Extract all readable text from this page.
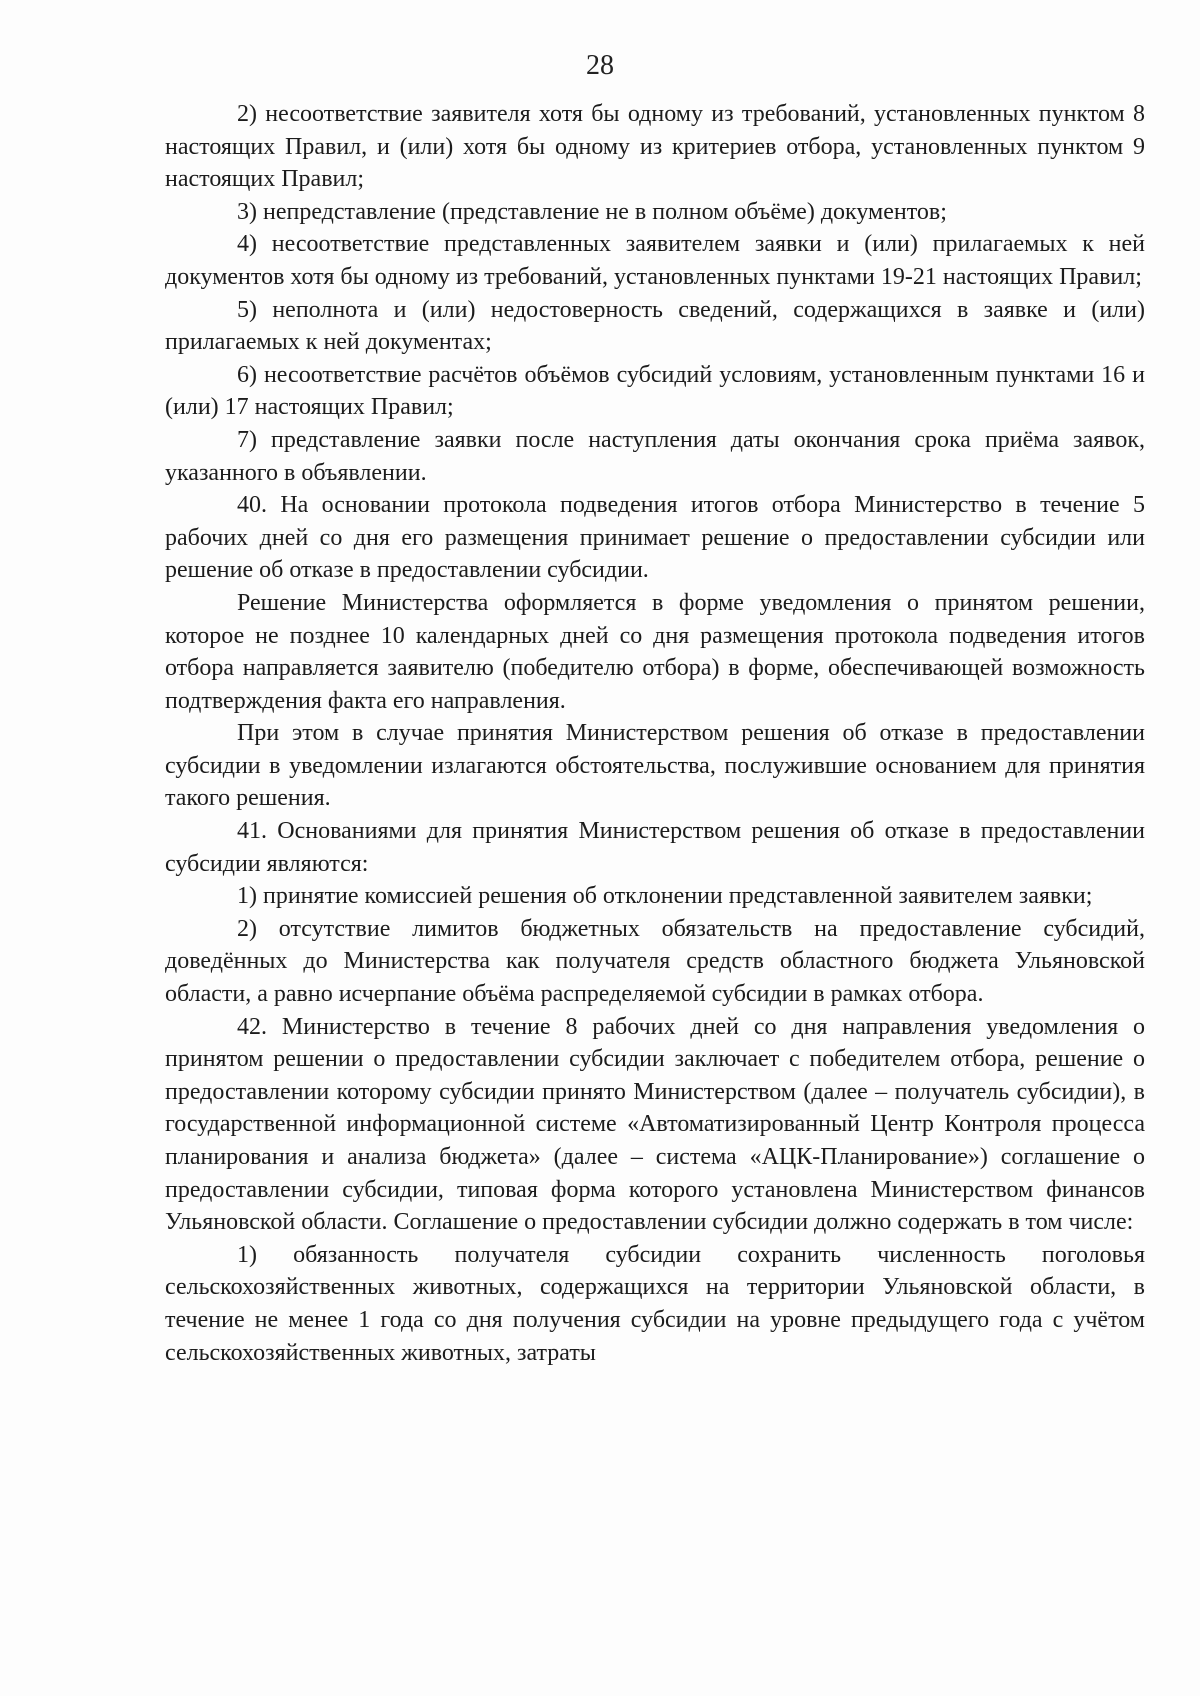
28

2) несоответствие заявителя хотя бы одному из требований, установленных пунктом 8 настоящих Правил, и (или) хотя бы одному из критериев отбора, установленных пунктом 9 настоящих Правил;

3) непредставление (представление не в полном объёме) документов;

4) несоответствие представленных заявителем заявки и (или) прилагаемых к ней документов хотя бы одному из требований, установленных пунктами 19-21 настоящих Правил;

5) неполнота и (или) недостоверность сведений, содержащихся в заявке и (или) прилагаемых к ней документах;

6) несоответствие расчётов объёмов субсидий условиям, установленным пунктами 16 и (или) 17 настоящих Правил;

7) представление заявки после наступления даты окончания срока приёма заявок, указанного в объявлении.

40. На основании протокола подведения итогов отбора Министерство в течение 5 рабочих дней со дня его размещения принимает решение о предоставлении субсидии или решение об отказе в предоставлении субсидии.

Решение Министерства оформляется в форме уведомления о принятом решении, которое не позднее 10 календарных дней со дня размещения протокола подведения итогов отбора направляется заявителю (победителю отбора) в форме, обеспечивающей возможность подтверждения факта его направления.

При этом в случае принятия Министерством решения об отказе в предоставлении субсидии в уведомлении излагаются обстоятельства, послужившие основанием для принятия такого решения.

41. Основаниями для принятия Министерством решения об отказе в предоставлении субсидии являются:

1) принятие комиссией решения об отклонении представленной заявителем заявки;

2) отсутствие лимитов бюджетных обязательств на предоставление субсидий, доведённых до Министерства как получателя средств областного бюджета Ульяновской области, а равно исчерпание объёма распределяемой субсидии в рамках отбора.

42. Министерство в течение 8 рабочих дней со дня направления уведомления о принятом решении о предоставлении субсидии заключает с победителем отбора, решение о предоставлении которому субсидии принято Министерством (далее – получатель субсидии), в государственной информационной системе «Автоматизированный Центр Контроля процесса планирования и анализа бюджета» (далее – система «АЦК-Планирование») соглашение о предоставлении субсидии, типовая форма которого установлена Министерством финансов Ульяновской области. Соглашение о предоставлении субсидии должно содержать в том числе:

1) обязанность получателя субсидии сохранить численность поголовья сельскохозяйственных животных, содержащихся на территории Ульяновской области, в течение не менее 1 года со дня получения субсидии на уровне предыдущего года с учётом сельскохозяйственных животных, затраты
